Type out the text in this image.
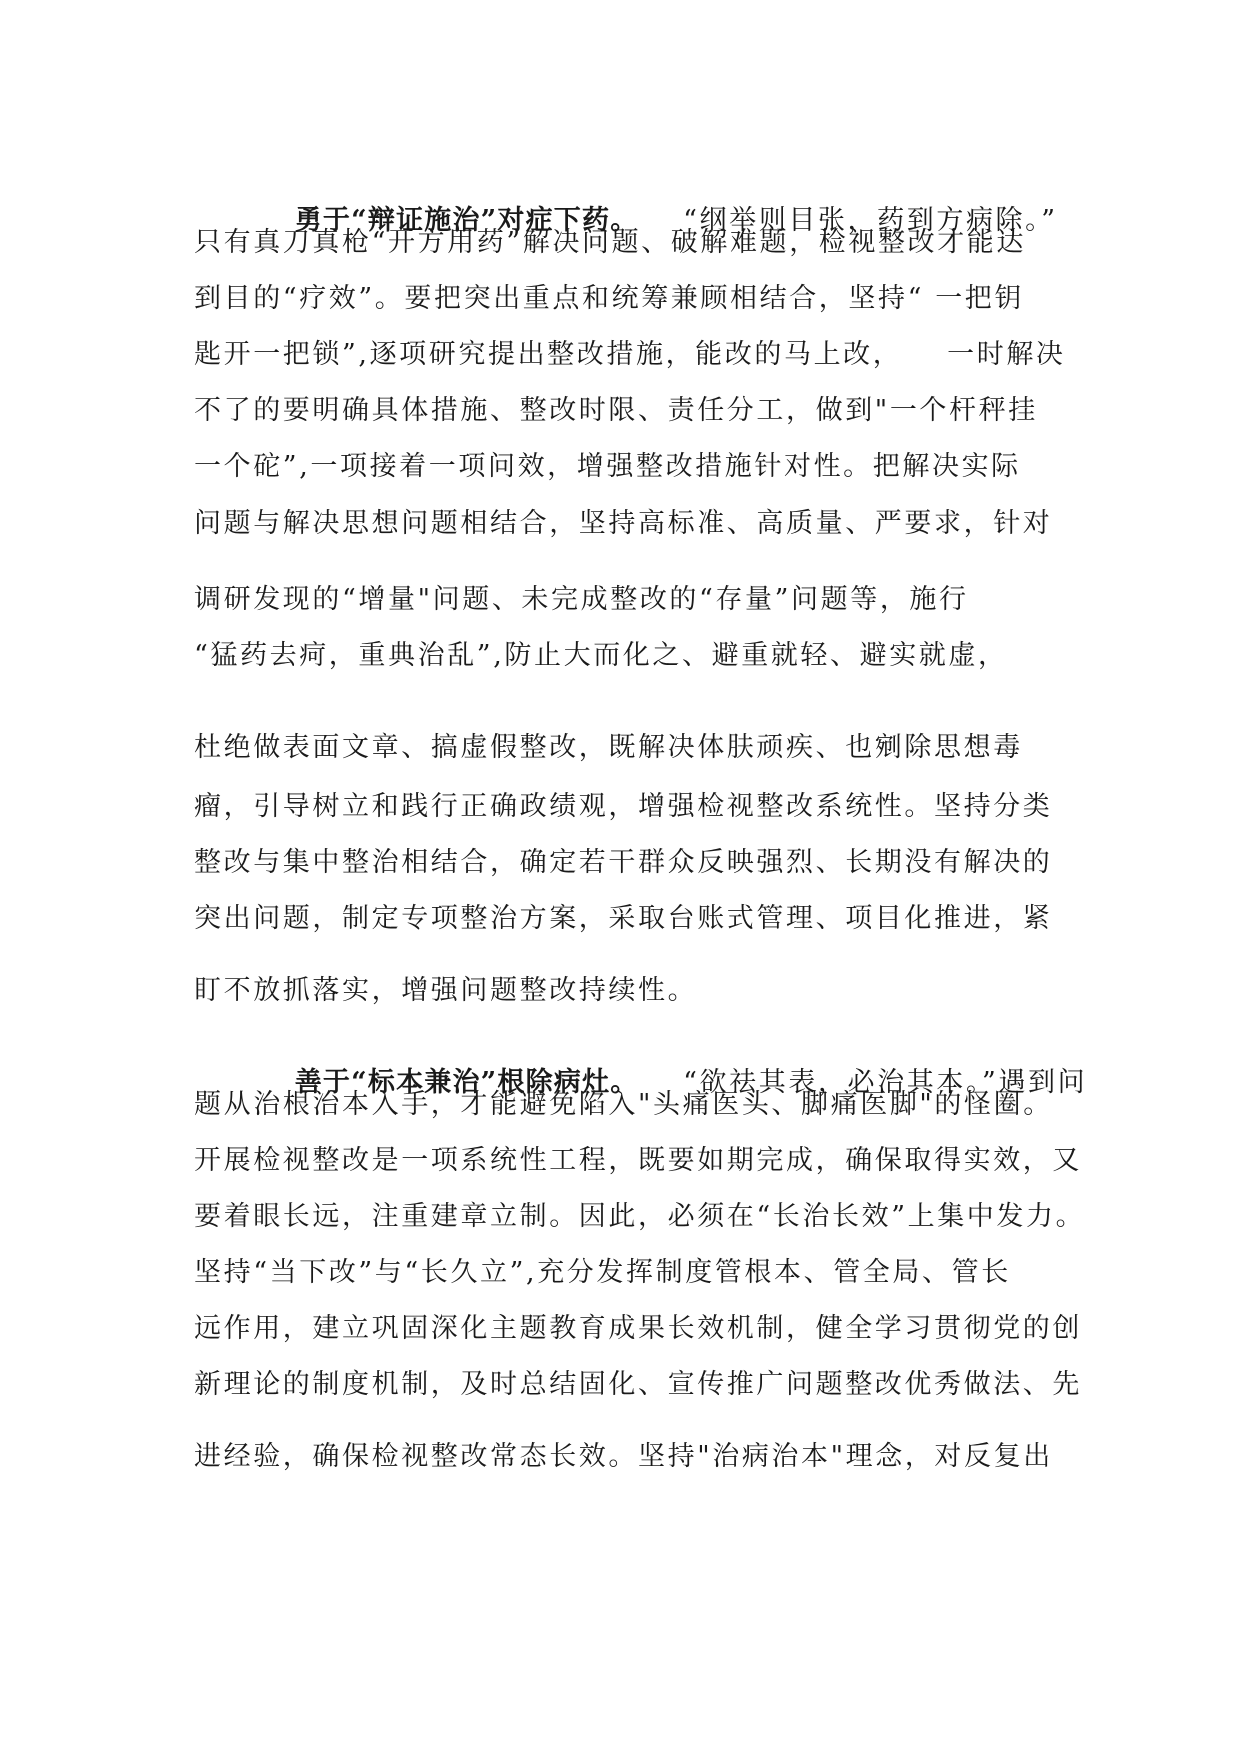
勇于“辩证施治”对症下药。    “纲举则目张，药到方病除。”

只有真刀真枪“开方用药”解决问题、破解难题，检视整改才能达
到目的“疗效”。要把突出重点和统筹兼顾相结合，坚持“ 一把钥
匙开一把锁”,逐项研究提出整改措施，能改的马上改，    一时解决
不了的要明确具体措施、整改时限、责任分工，做到"一个杆秤挂
一个砣”,一项接着一项问效，增强整改措施针对性。把解决实际
问题与解决思想问题相结合，坚持高标准、高质量、严要求，针对
调研发现的“增量"问题、未完成整改的“存量”问题等，施行
“猛药去疴，重典治乱”,防止大而化之、避重就轻、避实就虚，
杜绝做表面文章、搞虚假整改，既解决体肤顽疾、也剜除思想毒
瘤，引导树立和践行正确政绩观，增强检视整改系统性。坚持分类
整改与集中整治相结合，确定若干群众反映强烈、长期没有解决的
突出问题，制定专项整治方案，采取台账式管理、项目化推进，紧
盯不放抓落实，增强问题整改持续性。

善于“标本兼治”根除病灶。    “欲祛其表，必治其本。”遇到问

题从治根治本入手，才能避免陷入"头痛医头、脚痛医脚"的怪圈。
开展检视整改是一项系统性工程，既要如期完成，确保取得实效，又
要着眼长远，注重建章立制。因此，必须在“长治长效”上集中发力。
坚持“当下改”与“长久立”,充分发挥制度管根本、管全局、管长
远作用，建立巩固深化主题教育成果长效机制，健全学习贯彻党的创
新理论的制度机制，及时总结固化、宣传推广问题整改优秀做法、先
进经验，确保检视整改常态长效。坚持"治病治本"理念，对反复出
